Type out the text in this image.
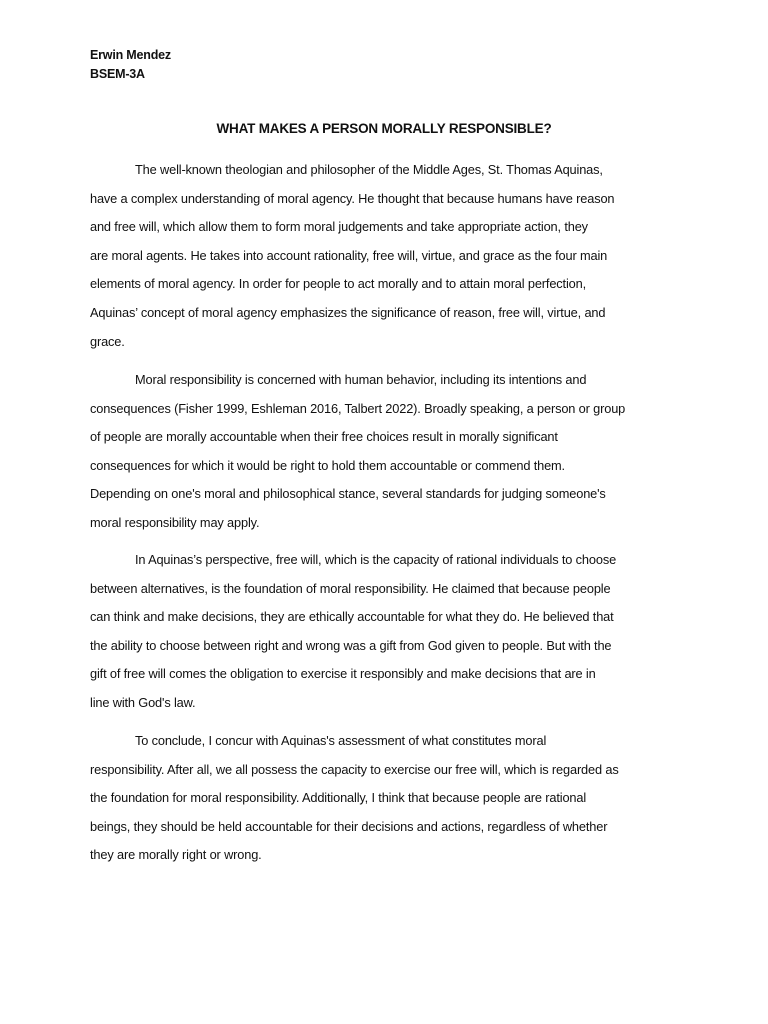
Erwin Mendez
BSEM-3A
WHAT MAKES A PERSON MORALLY RESPONSIBLE?
The well-known theologian and philosopher of the Middle Ages, St. Thomas Aquinas,
have a complex understanding of moral agency. He thought that because humans have reason
and free will, which allow them to form moral judgements and take appropriate action, they
are moral agents. He takes into account rationality, free will, virtue, and grace as the four main
elements of moral agency. In order for people to act morally and to attain moral perfection,
Aquinas’ concept of moral agency emphasizes the significance of reason, free will, virtue, and
grace.
Moral responsibility is concerned with human behavior, including its intentions and
consequences (Fisher 1999, Eshleman 2016, Talbert 2022). Broadly speaking, a person or group
of people are morally accountable when their free choices result in morally significant
consequences for which it would be right to hold them accountable or commend them.
Depending on one's moral and philosophical stance, several standards for judging someone's
moral responsibility may apply.
In Aquinas’s perspective, free will, which is the capacity of rational individuals to choose
between alternatives, is the foundation of moral responsibility. He claimed that because people
can think and make decisions, they are ethically accountable for what they do. He believed that
the ability to choose between right and wrong was a gift from God given to people. But with the
gift of free will comes the obligation to exercise it responsibly and make decisions that are in
line with God's law.
To conclude, I concur with Aquinas's assessment of what constitutes moral
responsibility. After all, we all possess the capacity to exercise our free will, which is regarded as
the foundation for moral responsibility. Additionally, I think that because people are rational
beings, they should be held accountable for their decisions and actions, regardless of whether
they are morally right or wrong.
